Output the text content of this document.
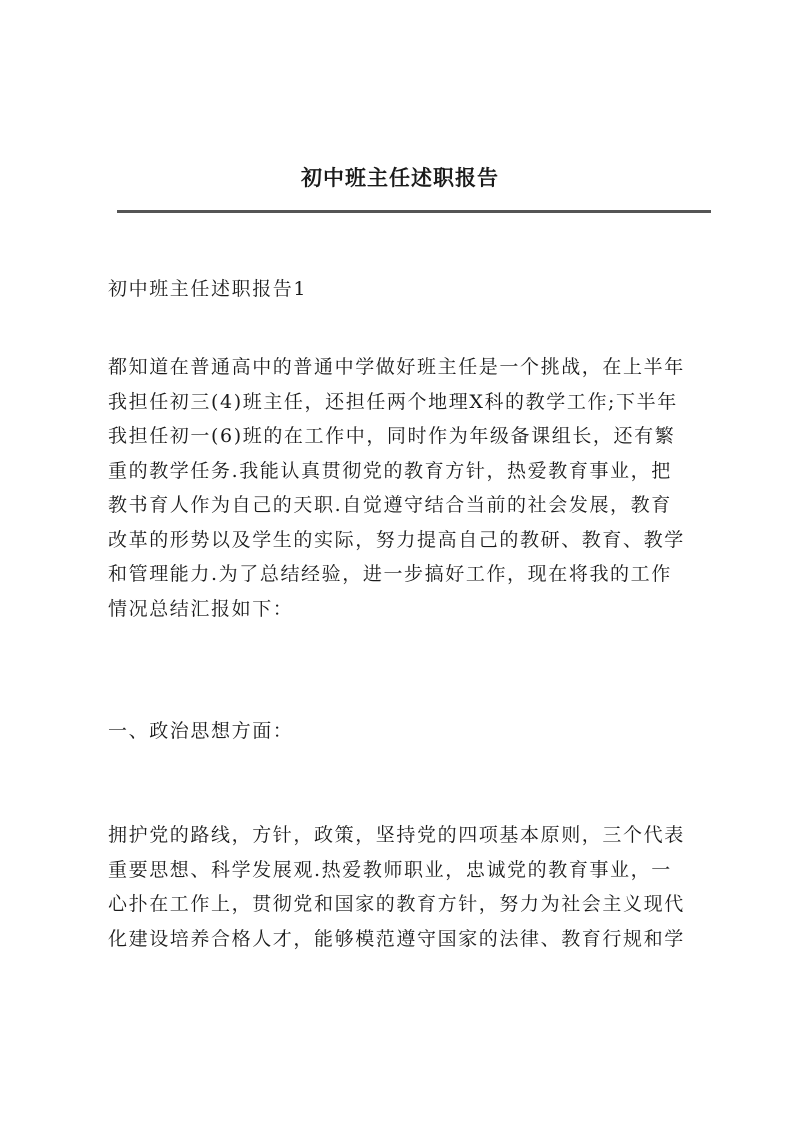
初中班主任述职报告

初中班主任述职报告1

都知道在普通高中的普通中学做好班主任是一个挑战，在上半年
我担任初三(4)班主任，还担任两个地理X科的教学工作;下半年
我担任初一(6)班的在工作中，同时作为年级备课组长，还有繁
重的教学任务.我能认真贯彻党的教育方针，热爱教育事业，把
教书育人作为自己的天职.自觉遵守结合当前的社会发展，教育
改革的形势以及学生的实际，努力提高自己的教研、教育、教学
和管理能力.为了总结经验，进一步搞好工作，现在将我的工作
情况总结汇报如下：

一、政治思想方面：

拥护党的路线，方针，政策，坚持党的四项基本原则，三个代表
重要思想、科学发展观.热爱教师职业，忠诚党的教育事业，一
心扑在工作上，贯彻党和国家的教育方针，努力为社会主义现代
化建设培养合格人才，能够模范遵守国家的法律、教育行规和学
